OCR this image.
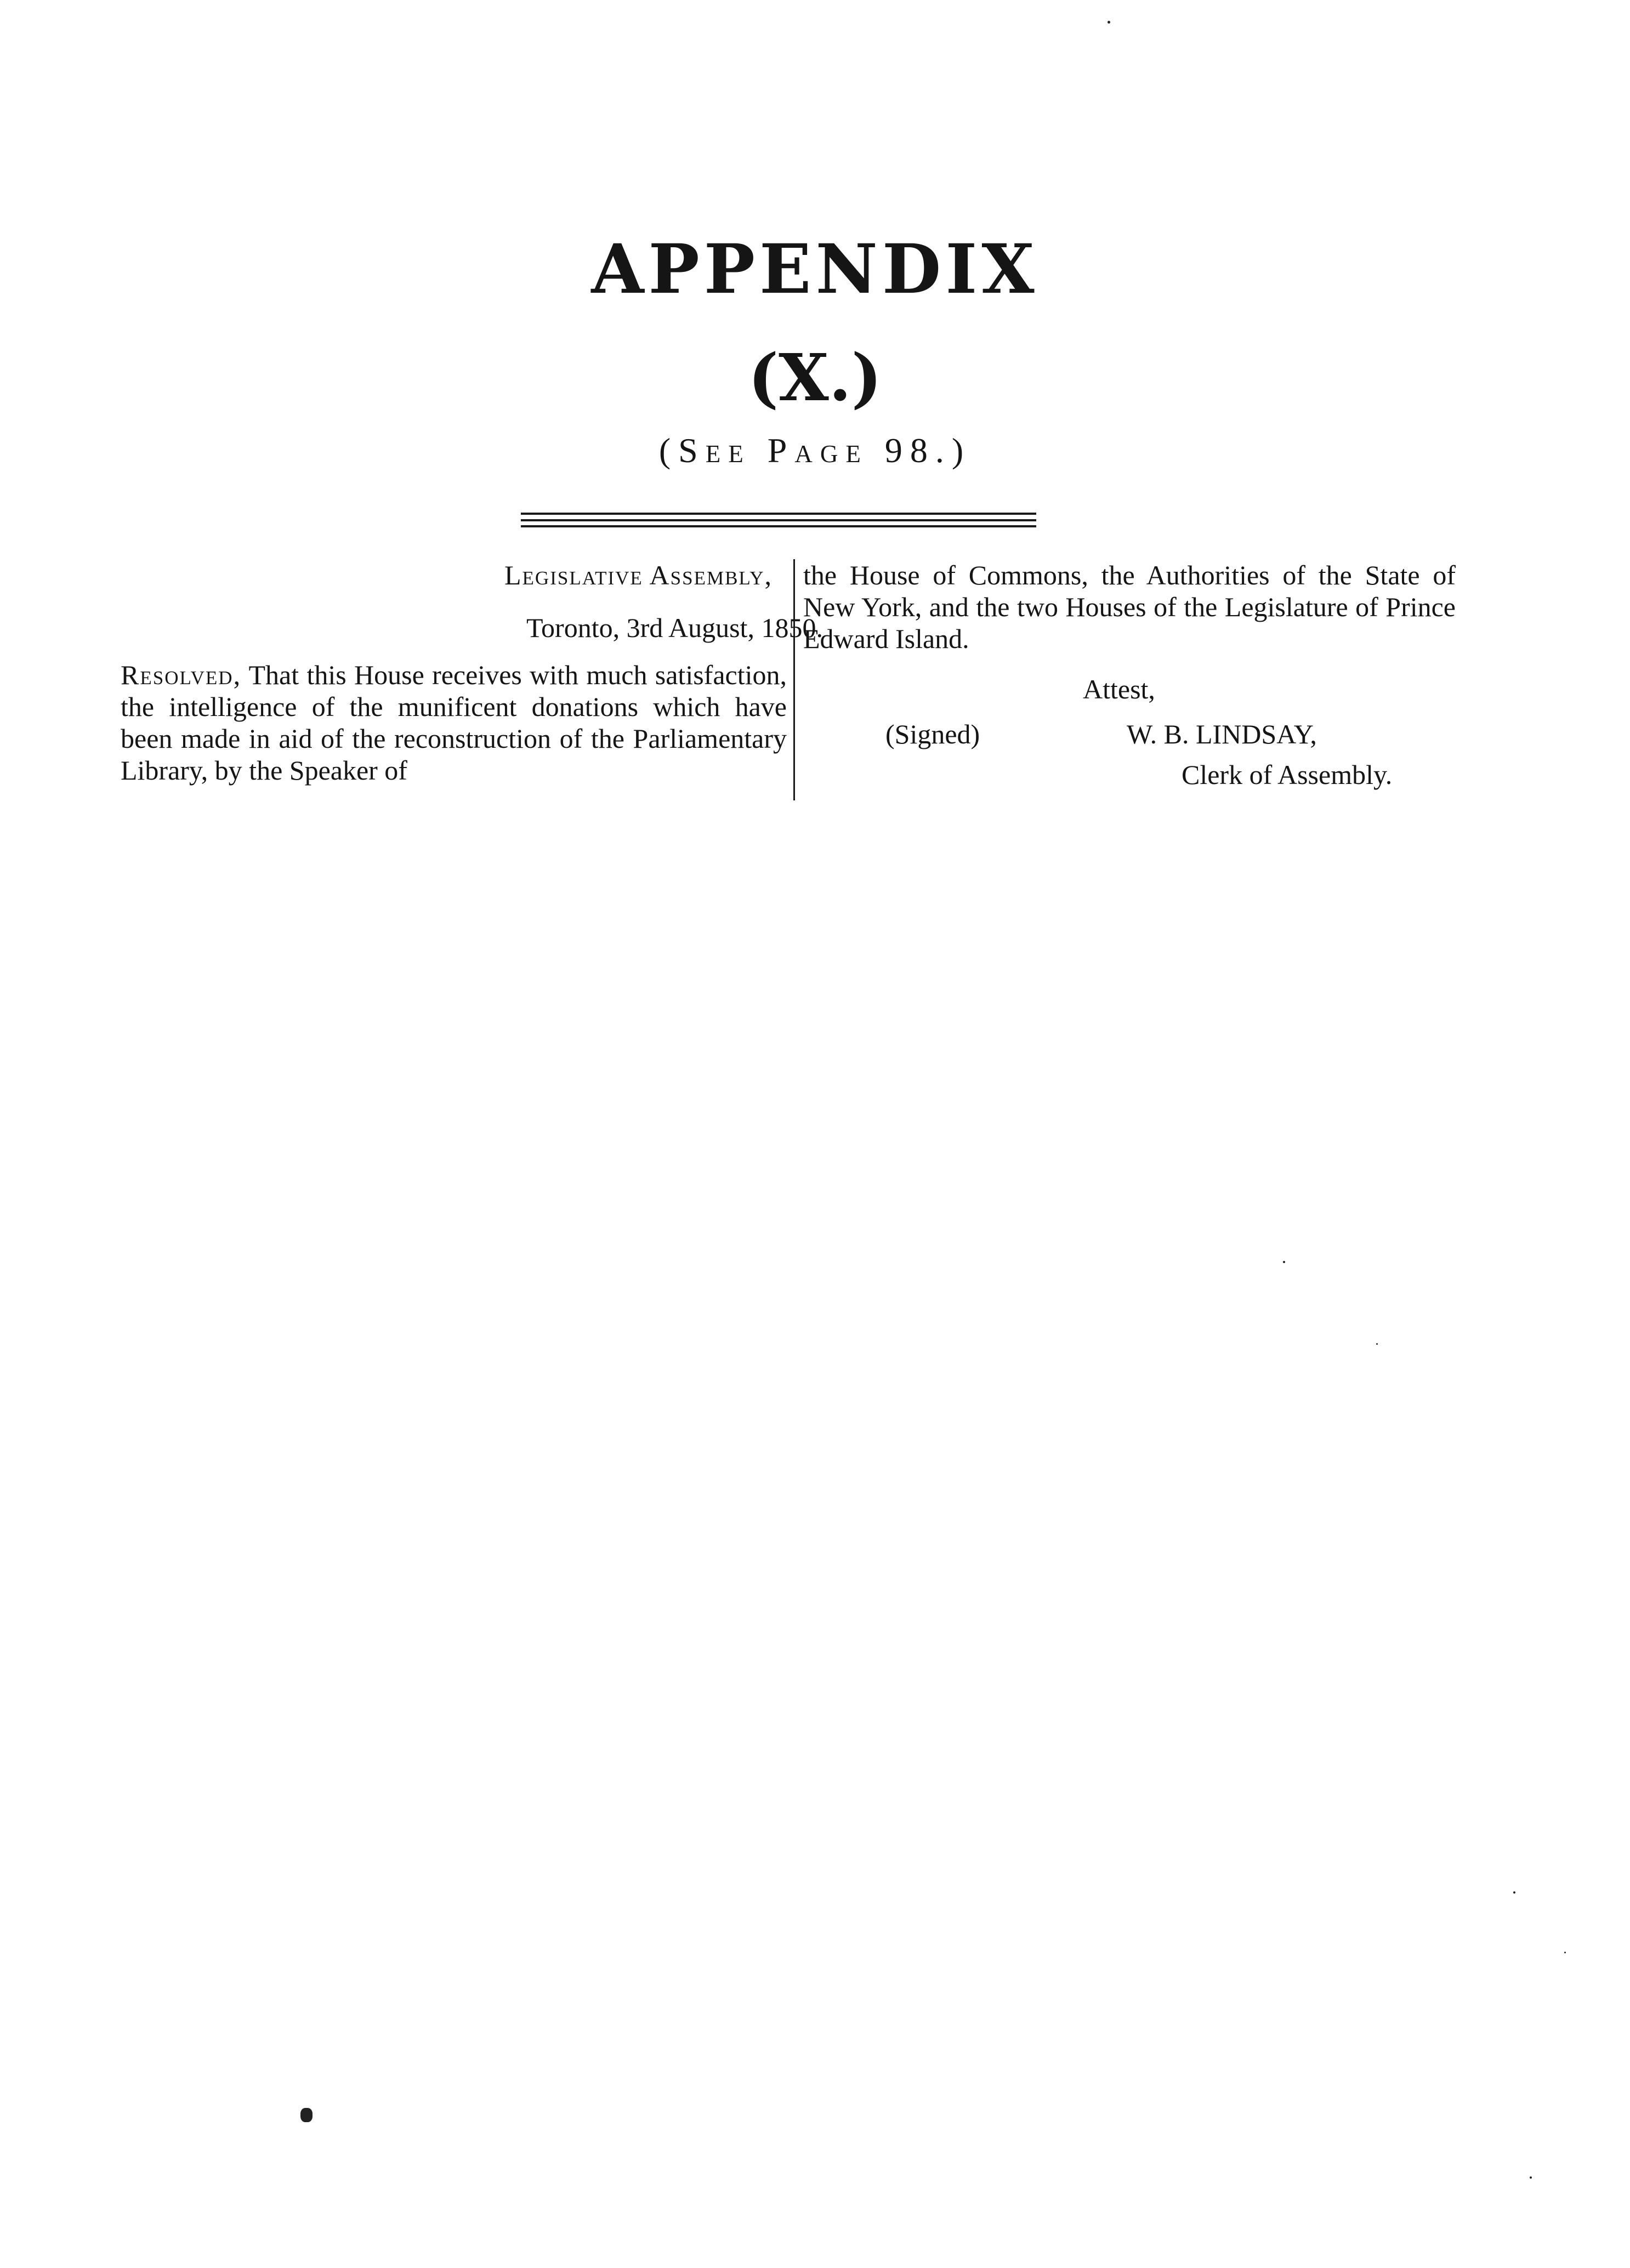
APPENDIX
(X.)
(See Page 98.)
Legislative Assembly,
Toronto, 3rd August, 1850.
Resolved, That this House receives with much satisfaction, the intelligence of the munificent donations which have been made in aid of the reconstruction of the Parliamentary Library, by the Speaker of
the House of Commons, the Authorities of the State of New York, and the two Houses of the Legislature of Prince Edward Island.
Attest,
(Signed)	W. B. LINDSAY,
Clerk of Assembly.
